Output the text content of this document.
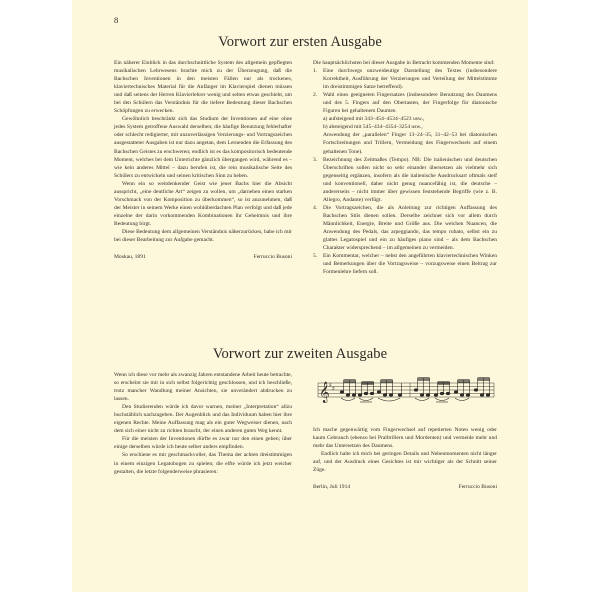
8
Vorwort zur ersten Ausgabe

Ein näherer Einblick in das durchschnittliche System des allgemein gepflegten musikalischen Lehrwesens brachte mich zu der Überzeugung, daß die Bachschen Inventionen in den meisten Fällen nur als trockenes, klaviertechnisches Material für die Anfänger im Klavierspiel dienen müssen und daß seitens der Herren Klavierlehrer wenig und selten etwas geschieht, um bei den Schülern das Verständnis für die tiefere Bedeutung dieser Bachschen Schöpfungen zu erwecken.

Gewöhnlich beschränkt sich das Studium der Inventionen auf eine ohne jedes System getroffene Auswahl derselben; die häufige Benutzung fehlerhafter oder schlecht redigierter, mit unzuverlässigen Verzierungs- und Vortragszeichen ausgestatteter Ausgaben ist nur dazu angetan, dem Lernenden die Erfassung des Bachschen Geistes zu erschweren; endlich ist es das kompositorisch bedeutende Moment, welches bei dem Unterrichte gänzlich übergangen wird, während es – wie kein anderes Mittel – dazu berufen ist, die rein musikalische Seite des Schülers zu entwickeln und seinen kritischen Sinn zu heben.

Wenn ein so weitdenkender Geist wie jener Bachs hier die Absicht ausspricht, „eine deutliche Art“ zeigen zu wollen, um „darneben einen starken Vorschmack von der Komposition zu überkommen“, so ist anzunehmen, daß der Meister in seinem Werke einen wohlüberdachten Plan verfolgt und daß jede einzelne der darin vorkommenden Kombinationen ihr Geheimnis und ihre Bedeutung birgt.

Diese Bedeutung dem allgemeinen Verständnis näherzurücken, habe ich mir bei dieser Bearbeitung zur Aufgabe gemacht.

Moskau, 1891	Ferruccio Busoni

Die hauptsächlichsten bei dieser Ausgabe in Betracht kommenden Momente sind:

1. Eine durchwegs unzweideutige Darstellung des Textes (insbesondere Korrektheit, Ausführung der Verzierungen und Verteilung der Mittelstimme im dreistimmigen Satze betreffend).
2. Wahl eines geeigneten Fingersatzes (insbesondere Benutzung des Daumens und des 5. Fingers auf den Obertasten, der Fingerfolge für diatonische Figuren bei gehaltenem Daumen
a) aufsteigend mit 343–454–4534–4523 usw.,
b) absteigend mit 545–434–4354–3254 usw.,
Anwendung der „parallelen“ Finger 13–24–35, 31–42–53 bei diatonischen Fortschreitungen und Trillern, Vermeidung des Fingerwechsels auf einem gehaltenen Tone).
3. Bezeichnung des Zeitmaßes (Tempo). NB: Die italienischen und deutschen Überschriften sollen nicht so sehr einander übersetzen als vielmehr sich gegenseitig ergänzen, insofern als die italienische Ausdrucksart oftmals steif und konventionell, daher nicht genug nuancefähig ist, die deutsche – andererseits – nicht immer über gewissen feststehende Begriffe (wie z. B. Allegro, Andante) verfügt.
4. Die Vortragszeichen, die als Anleitung zur richtigen Auffassung des Bachschen Stils dienen sollen. Derselbe zeichnet sich vor allem durch Männlichkeit, Energie, Breite und Größe aus. Die weichen Nuancen, die Anwendung des Pedals, das arpeggiando, das tempo rubato, selbst ein zu glattes Legatospiel und ein zu häufiges piano sind – als dem Bachschen Charakter widersprechend – im allgemeinen zu vermeiden.
5. Ein Kommentar, welcher – nebst den angeführten klaviertechnischen Winken und Bemerkungen über die Vortragsweise – vorzugsweise einen Beitrag zur Formenlehre liefern soll.
Vorwort zur zweiten Ausgabe

Wenn ich diese vor mehr als zwanzig Jahren entstandene Arbeit heute betrachte, so erscheint sie mir in sich selbst folgerichtig geschlossen, und ich beschließe, trotz mancher Wandlung meiner Ansichten, sie unverändert abdrucken zu lassen.

Den Studierenden würde ich davor warnen, meiner „Interpretation“ allzu buchstäblich nachzugeben. Der Augenblick und das Individuum haben hier ihre eigenen Rechte. Meine Auffassung mag als ein guter Wegweiser dienen, nach dem sich einer nicht zu richten braucht, der einen anderen guten Weg kennt.

Für die meisten der Inventionen dürfte es zwar nur den einen geben; über einige derselben würde ich heute selber anders empfinden.

So erschiene es mir geschmackvoller, das Thema der achten dreistimmigen in einem einzigen Legatobogen zu spielen; die elfte würde ich jetzt weicher gestalten, die letzte folgenderweise phrasieren:

𝄞 ♯ ♯

Ich mache gegenwärtig vom Fingerwechsel auf repetierten Noten wenig oder kaum Gebrauch (ebenso bei Pralltrillern und Mordenten) und vermeide mehr und mehr das Untersetzen des Daumens.

Endlich halte ich mich bei geringen Details und Nebenmomenten nicht länger auf, und der Ausdruck eines Gesichtes ist mir wichtiger als der Schnitt seiner Züge.

Berlin, Juli 1914	Ferruccio Busoni
